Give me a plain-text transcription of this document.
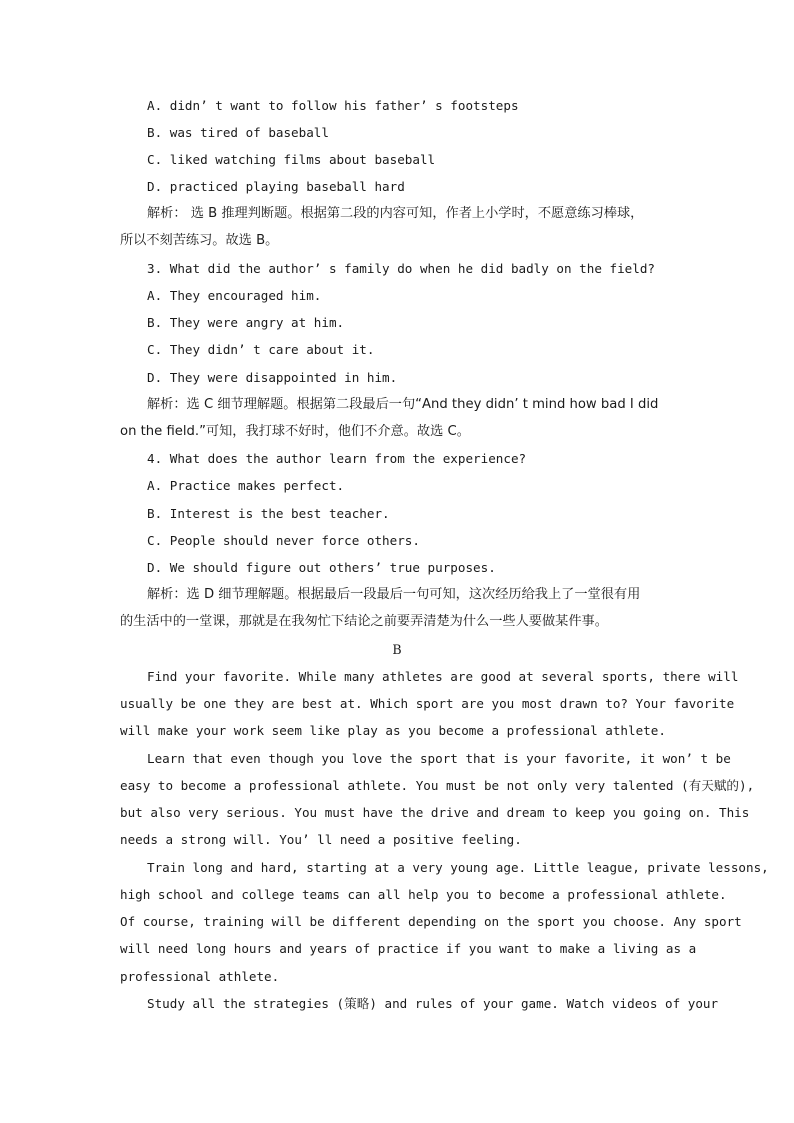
A. didn’ t want to follow his father’ s footsteps
B. was tired of baseball
C. liked watching films about baseball
D. practiced playing baseball hard
解析： 选 B 推理判断题。根据第二段的内容可知，作者上小学时，不愿意练习棒球，
所以不刻苦练习。故选 B。
3. What did the author’ s family do when he did badly on the field?
A. They encouraged him.
B. They were angry at him.
C. They didn’ t care about it.
D. They were disappointed in him.
解析：选 C 细节理解题。根据第二段最后一句“And they didn’ t mind how bad I did
on the field.”可知，我打球不好时，他们不介意。故选 C。
4. What does the author learn from the experience?
A. Practice makes perfect.
B. Interest is the best teacher.
C. People should never force others.
D. We should figure out others’ true purposes.
解析：选 D 细节理解题。根据最后一段最后一句可知，这次经历给我上了一堂很有用
的生活中的一堂课，那就是在我匆忙下结论之前要弄清楚为什么一些人要做某件事。
B
Find your favorite. While many athletes are good at several sports, there will
usually be one they are best at. Which sport are you most drawn to? Your favorite
will make your work seem like play as you become a professional athlete.
Learn that even though you love the sport that is your favorite, it won’ t be
easy to become a professional athlete. You must be not only very talented (有天赋的),
but also very serious. You must have the drive and dream to keep you going on. This
needs a strong will. You’ ll need a positive feeling.
Train long and hard, starting at a very young age. Little league, private lessons,
high school and college teams can all help you to become a professional athlete.
Of course, training will be different depending on the sport you choose. Any sport
will need long hours and years of practice if you want to make a living as a
professional athlete.
Study all the strategies (策略) and rules of your game. Watch videos of your
